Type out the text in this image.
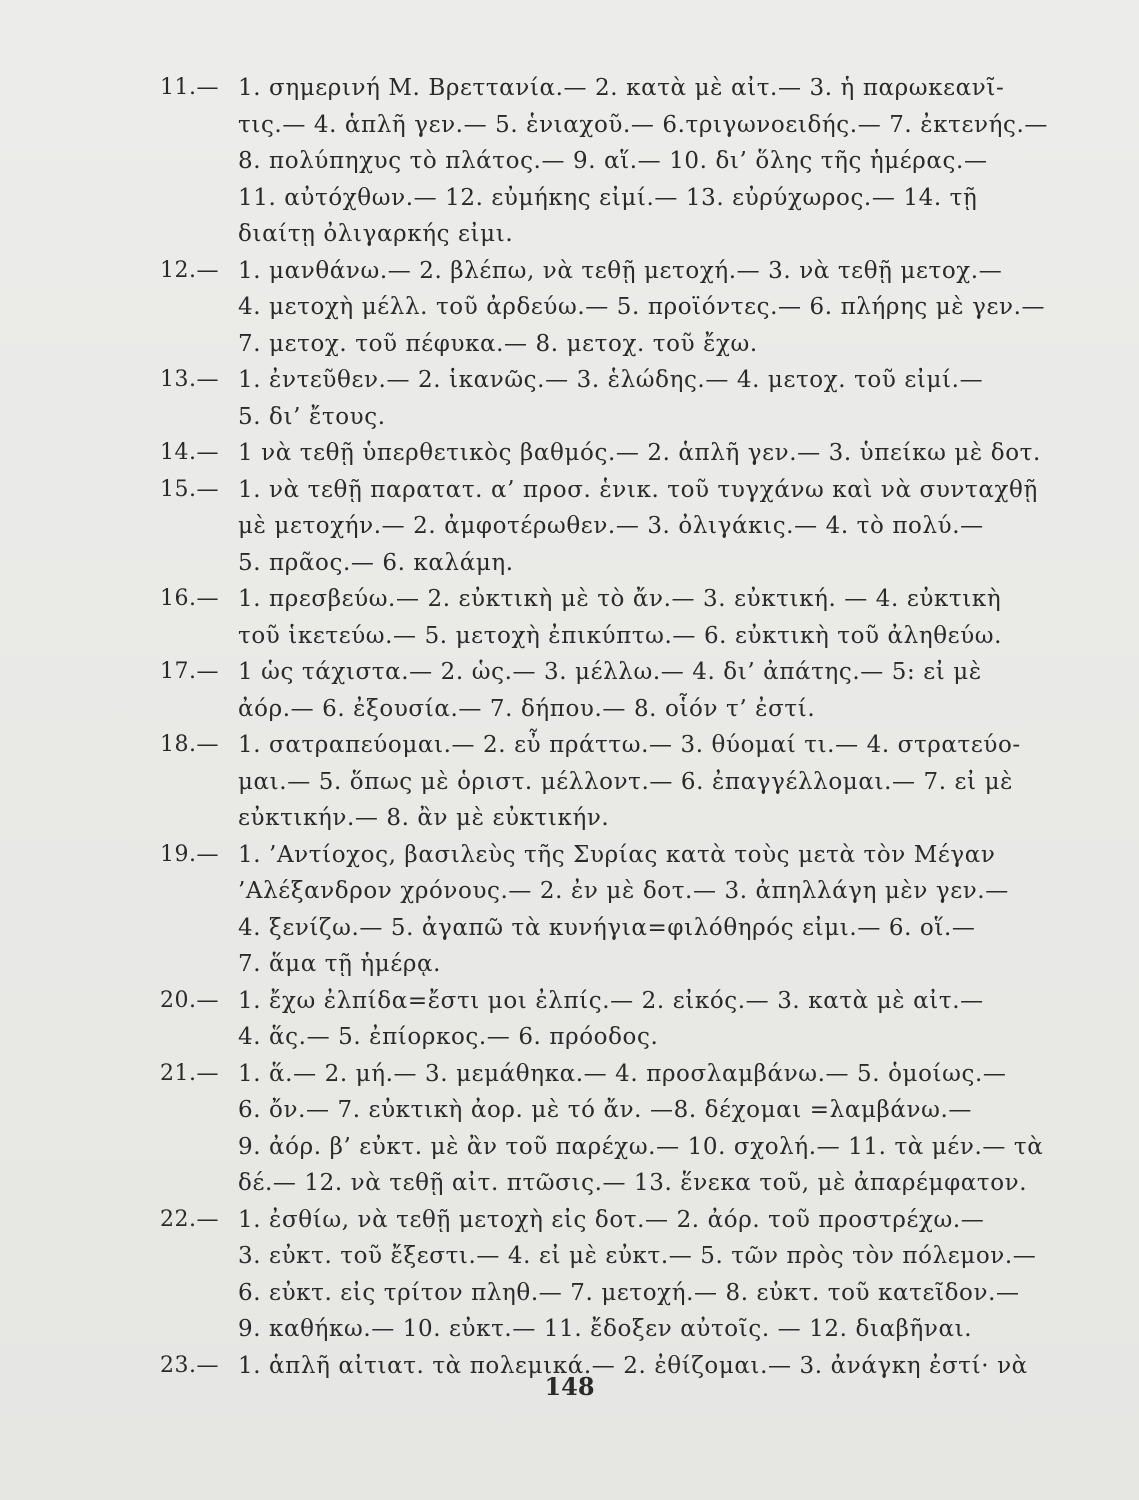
11.— 1. σημερινή Μ. Βρεττανία.— 2. κατὰ μὲ αἰτ.— 3. ἡ παρωκεανῖ-
τις.— 4. ἁπλῆ γεν.— 5. ἑνιαχοῦ.— 6.τριγωνοειδής.— 7. ἐκτενής.—
8. πολύπηχυς τὸ πλάτος.— 9. αἵ.— 10. δι’ ὅλης τῆς ἡμέρας.—
11. αὐτόχθων.— 12. εὐμήκης εἰμί.— 13. εὐρύχωρος.— 14. τῇ
διαίτῃ ὀλιγαρκής εἰμι.
12.— 1. μανθάνω.— 2. βλέπω, νὰ τεθῇ μετοχή.— 3. νὰ τεθῇ μετοχ.—
4. μετοχὴ μέλλ. τοῦ ἀρδεύω.— 5. προϊόντες.— 6. πλήρης μὲ γεν.—
7. μετοχ. τοῦ πέφυκα.— 8. μετοχ. τοῦ ἔχω.
13.— 1. ἐντεῦθεν.— 2. ἱκανῶς.— 3. ἑλώδης.— 4. μετοχ. τοῦ εἰμί.—
5. δι’ ἔτους.
14.— 1 νὰ τεθῇ ὑπερθετικὸς βαθμός.— 2. ἁπλῆ γεν.— 3. ὑπείκω μὲ δοτ.
15.— 1. νὰ τεθῇ παρατατ. α’ προσ. ἑνικ. τοῦ τυγχάνω καὶ νὰ συνταχθῇ
μὲ μετοχήν.— 2. ἀμφοτέρωθεν.— 3. ὀλιγάκις.— 4. τὸ πολύ.—
5. πρᾶος.— 6. καλάμη.
16.— 1. πρεσβεύω.— 2. εὐκτικὴ μὲ τὸ ἄν.— 3. εὐκτική. — 4. εὐκτικὴ
τοῦ ἱκετεύω.— 5. μετοχὴ ἐπικύπτω.— 6. εὐκτικὴ τοῦ ἀληθεύω.
17.— 1 ὡς τάχιστα.— 2. ὡς.— 3. μέλλω.— 4. δι’ ἀπάτης.— 5: εἰ μὲ
ἀόρ.— 6. ἐξουσία.— 7. δήπου.— 8. οἷόν τ’ ἐστί.
18.— 1. σατραπεύομαι.— 2. εὖ πράττω.— 3. θύομαί τι.— 4. στρατεύο-
μαι.— 5. ὅπως μὲ ὁριστ. μέλλοντ.— 6. ἐπαγγέλλομαι.— 7. εἰ μὲ
εὐκτικήν.— 8. ἂν μὲ εὐκτικήν.
19.— 1. ’Αντίοχος, βασιλεὺς τῆς Συρίας κατὰ τοὺς μετὰ τὸν Μέγαν
’Αλέξανδρον χρόνους.— 2. ἐν μὲ δοτ.— 3. ἀπηλλάγη μὲν γεν.—
4. ξενίζω.— 5. ἀγαπῶ τὰ κυνήγια=φιλόθηρός εἰμι.— 6. οἵ.—
7. ἅμα τῇ ἡμέρᾳ.
20.— 1. ἔχω ἐλπίδα=ἔστι μοι ἐλπίς.— 2. εἰκός.— 3. κατὰ μὲ αἰτ.—
4. ἅς.— 5. ἐπίορκος.— 6. πρόοδος.
21.— 1. ἅ.— 2. μή.— 3. μεμάθηκα.— 4. προσλαμβάνω.— 5. ὁμοίως.—
6. ὄν.— 7. εὐκτικὴ ἀορ. μὲ τό ἄν. —8. δέχομαι =λαμβάνω.—
9. ἀόρ. β’ εὐκτ. μὲ ἂν τοῦ παρέχω.— 10. σχολή.— 11. τὰ μέν.— τὰ
δέ.— 12. νὰ τεθῇ αἰτ. πτῶσις.— 13. ἕνεκα τοῦ, μὲ ἀπαρέμφατον.
22.— 1. ἐσθίω, νὰ τεθῇ μετοχὴ εἰς δοτ.— 2. ἀόρ. τοῦ προστρέχω.—
3. εὐκτ. τοῦ ἔξεστι.— 4. εἰ μὲ εὐκτ.— 5. τῶν πρὸς τὸν πόλεμον.—
6. εὐκτ. εἰς τρίτον πληθ.— 7. μετοχή.— 8. εὐκτ. τοῦ κατεῖδον.—
9. καθήκω.— 10. εὐκτ.— 11. ἔδοξεν αὐτοῖς. — 12. διαβῆναι.
23.— 1. ἁπλῆ αἰτιατ. τὰ πολεμικά.— 2. ἐθίζομαι.— 3. ἀνάγκη ἐστί· νὰ
148
